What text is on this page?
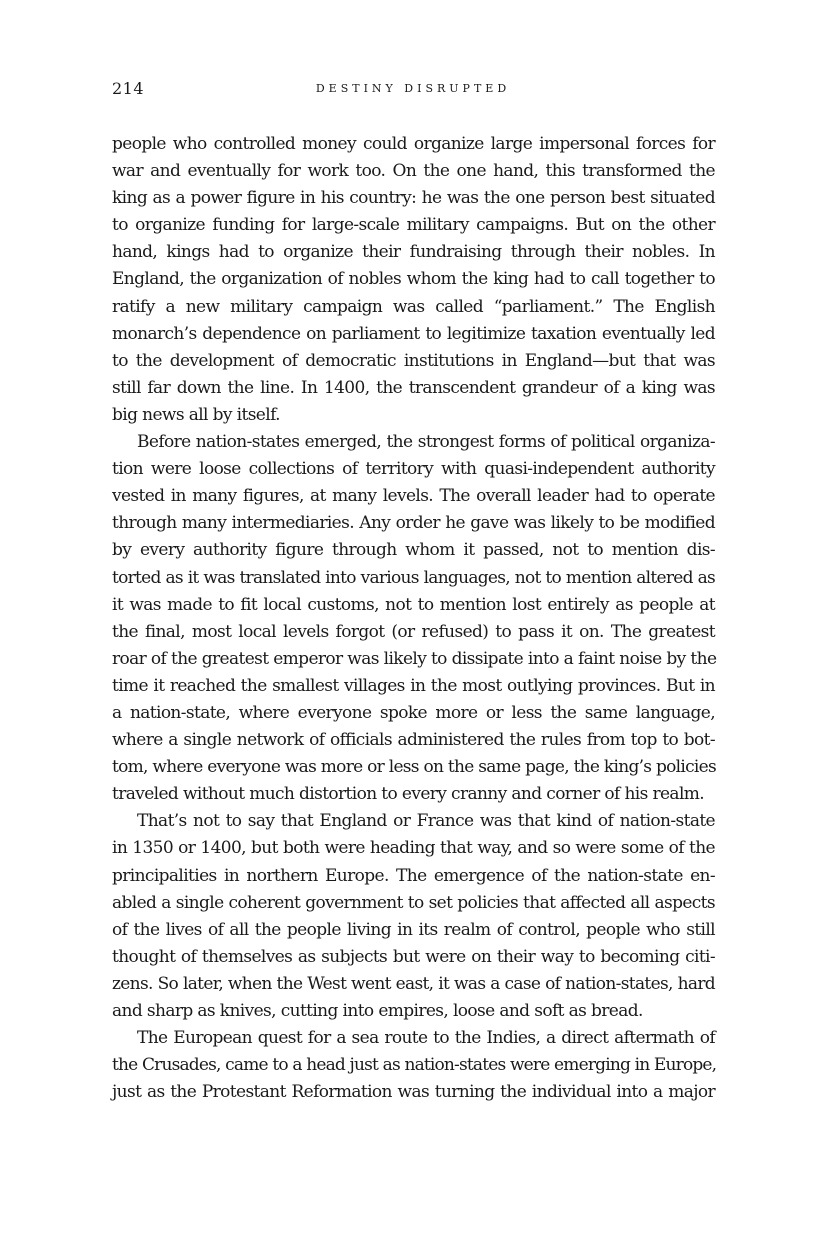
214	DESTINY DISRUPTED
people who controlled money could organize large impersonal forces for
war and eventually for work too. On the one hand, this transformed the
king as a power figure in his country: he was the one person best situated
to organize funding for large-scale military campaigns. But on the other
hand, kings had to organize their fundraising through their nobles. In
England, the organization of nobles whom the king had to call together to
ratify a new military campaign was called “parliament.” The English
monarch’s dependence on parliament to legitimize taxation eventually led
to the development of democratic institutions in England—but that was
still far down the line. In 1400, the transcendent grandeur of a king was
big news all by itself.
Before nation-states emerged, the strongest forms of political organiza-
tion were loose collections of territory with quasi-independent authority
vested in many figures, at many levels. The overall leader had to operate
through many intermediaries. Any order he gave was likely to be modified
by every authority figure through whom it passed, not to mention dis-
torted as it was translated into various languages, not to mention altered as
it was made to fit local customs, not to mention lost entirely as people at
the final, most local levels forgot (or refused) to pass it on. The greatest
roar of the greatest emperor was likely to dissipate into a faint noise by the
time it reached the smallest villages in the most outlying provinces. But in
a nation-state, where everyone spoke more or less the same language,
where a single network of officials administered the rules from top to bot-
tom, where everyone was more or less on the same page, the king’s policies
traveled without much distortion to every cranny and corner of his realm.
That’s not to say that England or France was that kind of nation-state
in 1350 or 1400, but both were heading that way, and so were some of the
principalities in northern Europe. The emergence of the nation-state en-
abled a single coherent government to set policies that affected all aspects
of the lives of all the people living in its realm of control, people who still
thought of themselves as subjects but were on their way to becoming citi-
zens. So later, when the West went east, it was a case of nation-states, hard
and sharp as knives, cutting into empires, loose and soft as bread.
The European quest for a sea route to the Indies, a direct aftermath of
the Crusades, came to a head just as nation-states were emerging in Europe,
just as the Protestant Reformation was turning the individual into a major
